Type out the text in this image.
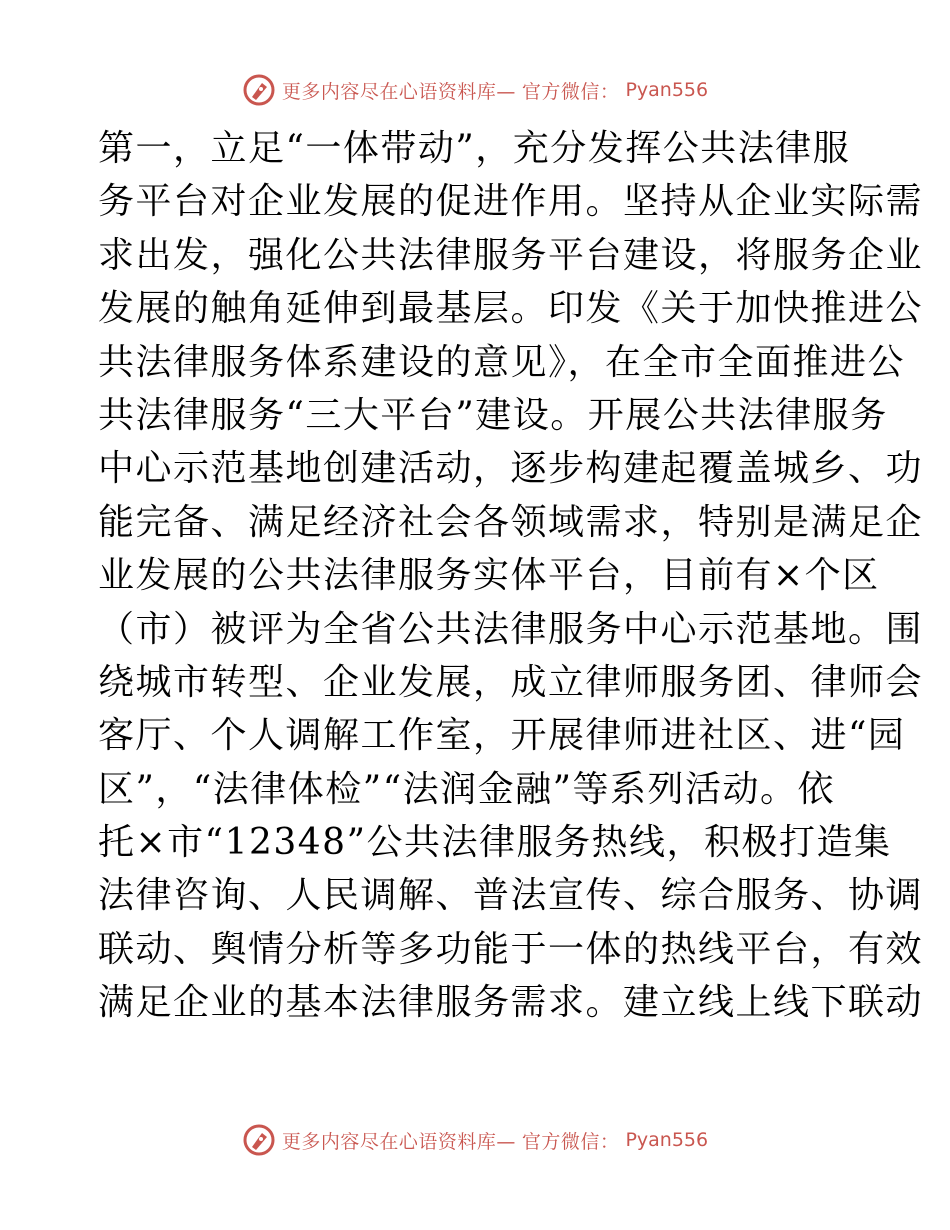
更多内容尽在心语资料库— 官方微信： Pyan556
第一，立足“一体带动”，充分发挥公共法律服
务平台对企业发展的促进作用。坚持从企业实际需
求出发，强化公共法律服务平台建设，将服务企业
发展的触角延伸到最基层。印发《关于加快推进公
共法律服务体系建设的意见》，在全市全面推进公
共法律服务“三大平台”建设。开展公共法律服务
中心示范基地创建活动，逐步构建起覆盖城乡、功
能完备、满足经济社会各领域需求，特别是满足企
业发展的公共法律服务实体平台，目前有×个区
（市）被评为全省公共法律服务中心示范基地。围
绕城市转型、企业发展，成立律师服务团、律师会
客厅、个人调解工作室，开展律师进社区、进“园
区”，“法律体检”“法润金融”等系列活动。依
托×市“12348”公共法律服务热线，积极打造集
法律咨询、人民调解、普法宣传、综合服务、协调
联动、舆情分析等多功能于一体的热线平台，有效
满足企业的基本法律服务需求。建立线上线下联动
更多内容尽在心语资料库— 官方微信： Pyan556
